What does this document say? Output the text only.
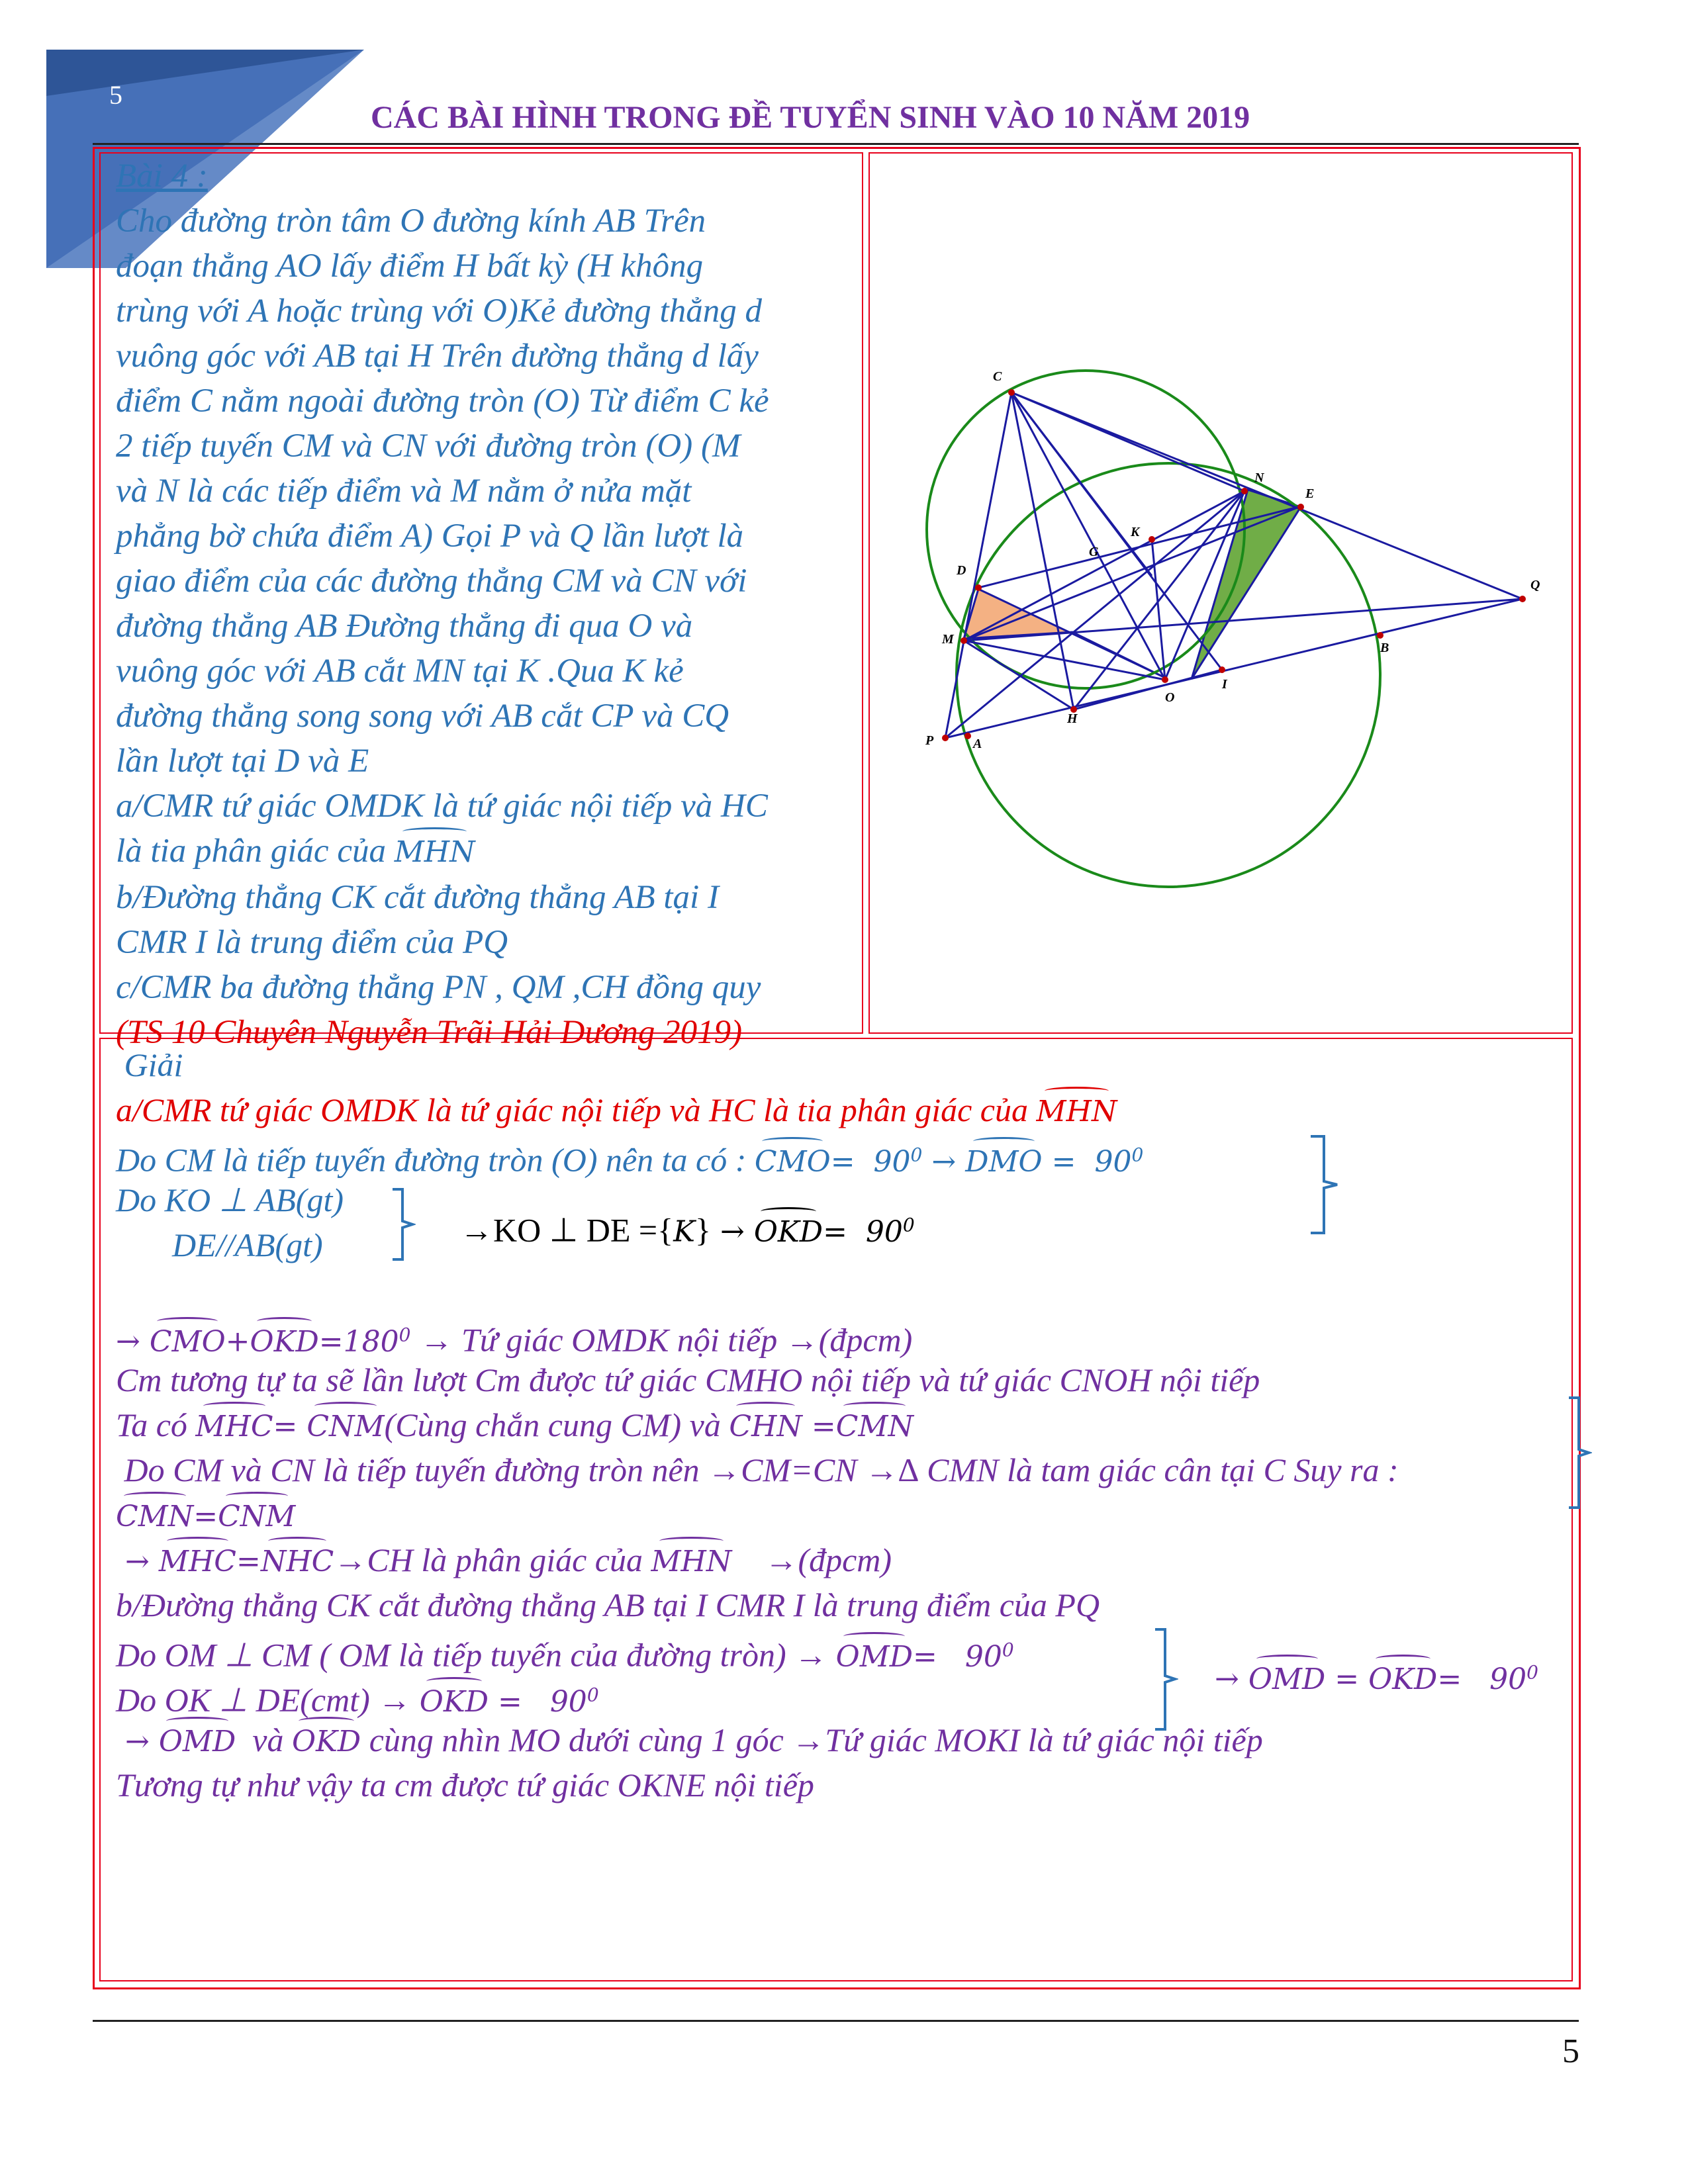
5
CÁC BÀI HÌNH TRONG ĐỀ TUYỂN SINH VÀO 10 NĂM 2019
Bài 4 :
Cho đường tròn tâm O đường kính AB Trên
đoạn thẳng AO lấy điểm H bất kỳ (H không
trùng với A hoặc trùng với O)Kẻ đường thẳng d
vuông góc với AB tại H Trên đường thẳng d lấy
điểm C nằm ngoài đường tròn (O) Từ điểm C kẻ
2 tiếp tuyến CM và CN với đường tròn (O) (M
và N là các tiếp điểm và M nằm ở nửa mặt
phẳng bờ chứa điểm A) Gọi P và Q lần lượt là
giao điểm của các đường thẳng CM và CN với
đường thẳng AB Đường thẳng đi qua O và
vuông góc với AB cắt MN tại K .Qua K kẻ
đường thẳng song song với AB cắt CP và CQ
lần lượt tại D và E
a/CMR tứ giác OMDK là tứ giác nội tiếp và HC
là tia phân giác của MHN
b/Đường thẳng CK cắt đường thẳng AB tại I
CMR I là trung điểm của PQ
c/CMR ba đường thẳng PN , QM ,CH đồng quy
(TS 10 Chuyên Nguyễn Trãi Hải Dương 2019)
C
N
E
K
G
D
Q
M
B
I
O
H
P	A
Giải
a/CMR tứ giác OMDK là tứ giác nội tiếp và HC là tia phân giác của MHN
Do CM là tiếp tuyến đường tròn (O) nên ta có : $CMO= 90^0$ → DMO =  $90^0$
Do KO ⊥ AB(gt)
DE//AB(gt)	→KO ⊥ DE $=\{K\} \to OKD= 90^0$
→ $CMO+OKD=180^0$ → Tứ giác OMDK nội tiếp →(đpcm)
Cm tương tự ta sẽ lần lượt Cm được tứ giác CMHO nội tiếp và tứ giác CNOH nội tiếp
Ta có MHC= CNM(Cùng chắn cung CM) và CHN =CMN
Do CM và CN là tiếp tuyến đường tròn nên →CM=CN →∆ CMN là tam giác cân tại C Suy ra :
CMN=CNM
→ MHC=NHC→CH là phân giác của MHN →(đpcm)
b/Đường thẳng CK cắt đường thẳng AB tại I CMR I là trung điểm của PQ
Do OM ⊥ CM ( OM là tiếp tuyến của đường tròn) → $OMD= 90^0$
→ OMD = $OKD= 90^0$
Do OK ⊥ DE(cmt) → OKD =   $90^0$
→ OMD và OKD cùng nhìn MO dưới cùng 1 góc →Tứ giác MOKI là tứ giác nội tiếp
Tương tự như vậy ta cm được tứ giác OKNE nội tiếp
5
